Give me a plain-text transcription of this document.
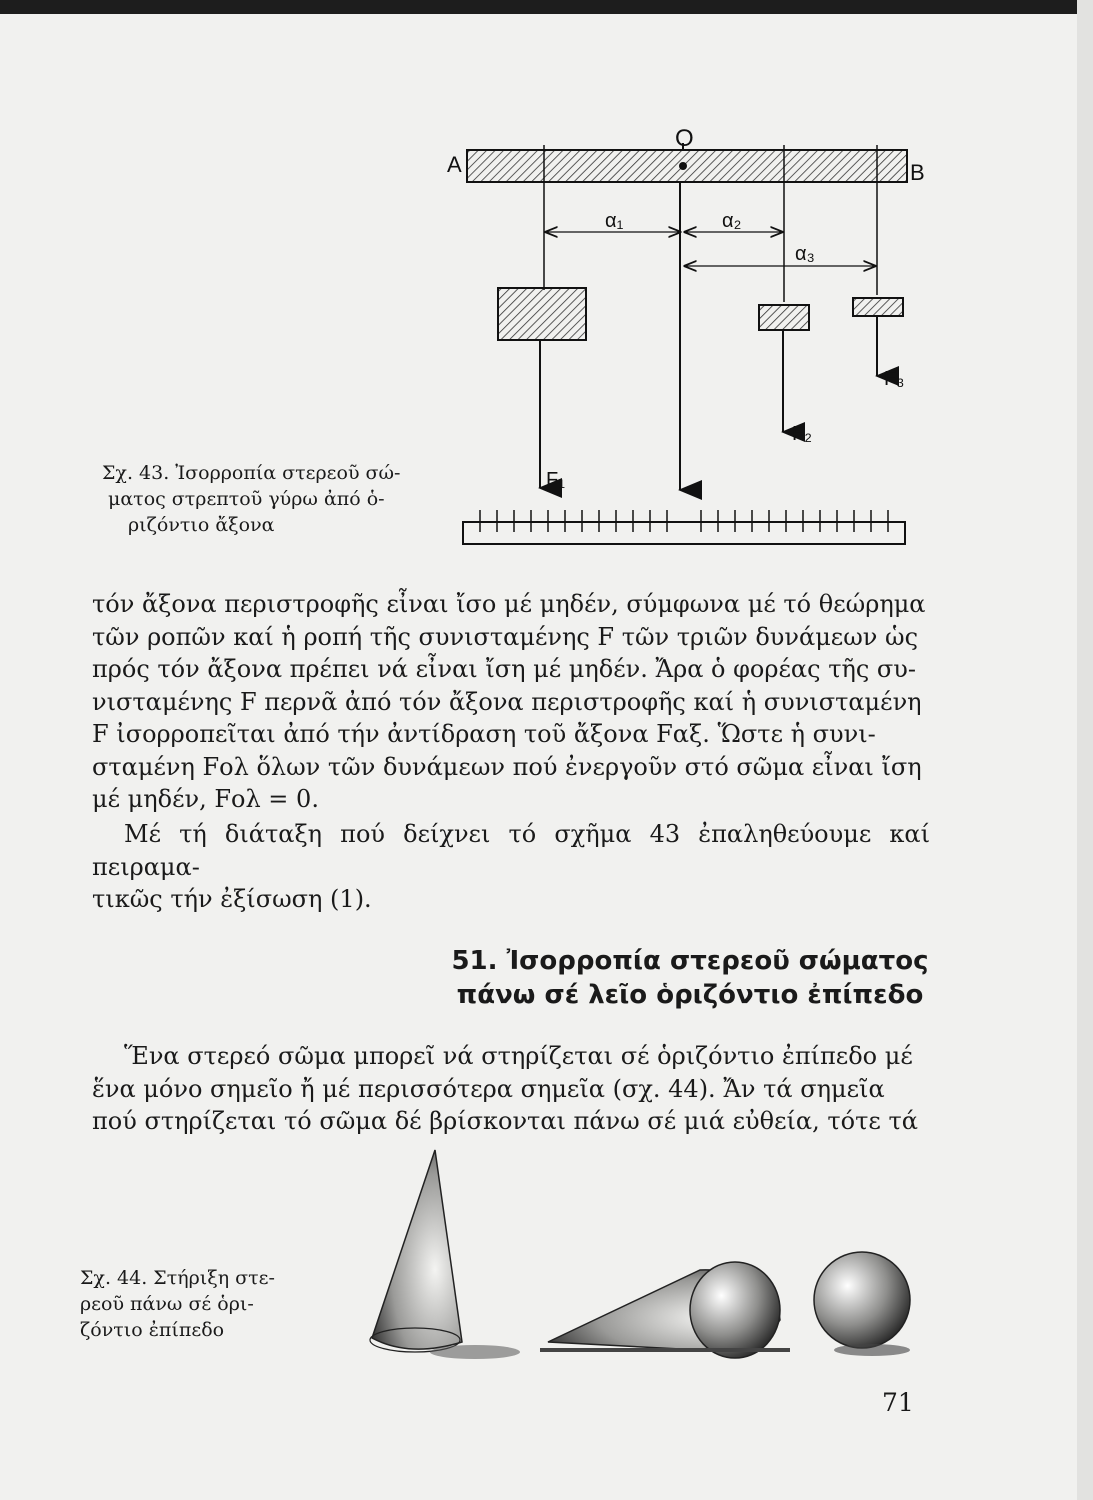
Σχ. 43. Ἰσορροπία στερεοῦ σώ-
ματος στρεπτοῦ γύρω ἀπό ὁ-
ριζόντιο ἄξονα
A	B
O
α₁	α₂
α₃
F₁
F₂
F₃

τόν ἄξονα περιστροφῆς εἶναι ἴσο μέ μηδέν, σύμφωνα μέ τό θεώρημα

τῶν ροπῶν καί ἡ ροπή τῆς συνισταμένης F τῶν τριῶν δυνάμεων ὡς

πρός τόν ἄξονα πρέπει νά εἶναι ἴση μέ μηδέν. Ἄρα ὁ φορέας τῆς συ-

νισταμένης F περνᾶ ἀπό τόν ἄξονα περιστροφῆς καί ἡ συνισταμένη

F ἰσορροπεῖται ἀπό τήν ἀντίδραση τοῦ ἄξονα Fαξ. Ὥστε ἡ συνι-

σταμένη Fολ ὅλων τῶν δυνάμεων πού ἐνεργοῦν στό σῶμα εἶναι ἴση

μέ μηδέν, Fολ = 0.

Μέ τή διάταξη πού δείχνει τό σχῆμα 43 ἐπαληθεύουμε καί πειραμα-

τικῶς τήν ἐξίσωση (1).

51. Ἰσορροπία στερεοῦ σώματος
πάνω σέ λεῖο ὁριζόντιο ἐπίπεδο

Ἕνα στερεό σῶμα μπορεῖ νά στηρίζεται σέ ὁριζόντιο ἐπίπεδο μέ

ἕνα μόνο σημεῖο ἤ μέ περισσότερα σημεῖα (σχ. 44). Ἄν τά σημεῖα

πού στηρίζεται τό σῶμα δέ βρίσκονται πάνω σέ μιά εὐθεία, τότε τά

Σχ. 44. Στήριξη στε-
ρεοῦ πάνω σέ ὁρι-
ζόντιο ἐπίπεδο
71
